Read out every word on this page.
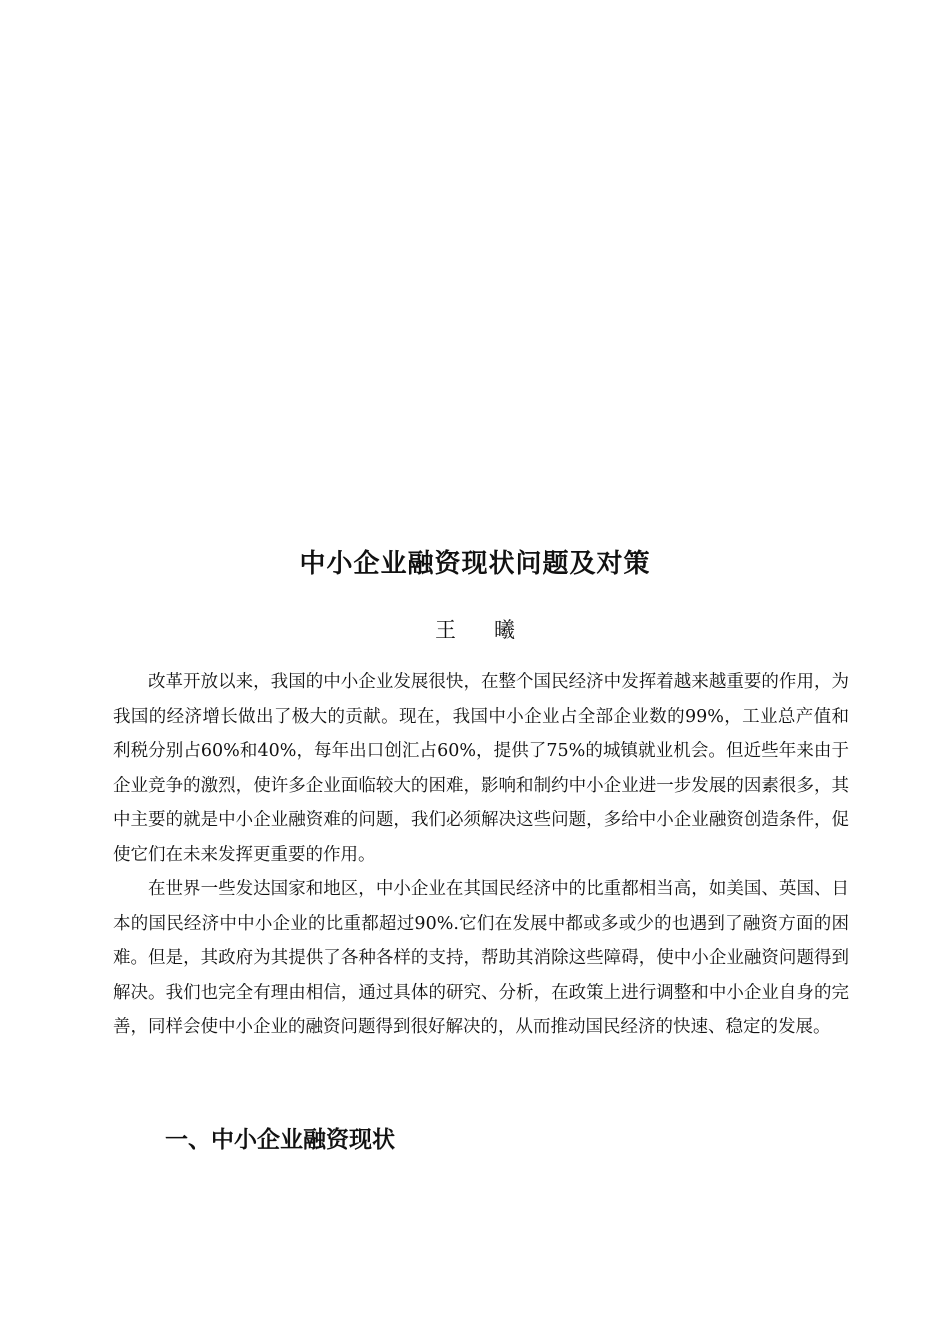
中小企业融资现状问题及对策
王 曦

改革开放以来，我国的中小企业发展很快，在整个国民经济中发挥着越来越重要的作用，为我国的经济增长做出了极大的贡献。现在，我国中小企业占全部企业数的99%，工业总产值和利税分别占60%和40%，每年出口创汇占60%，提供了75%的城镇就业机会。但近些年来由于企业竞争的激烈，使许多企业面临较大的困难，影响和制约中小企业进一步发展的因素很多，其中主要的就是中小企业融资难的问题，我们必须解决这些问题，多给中小企业融资创造条件，促使它们在未来发挥更重要的作用。

在世界一些发达国家和地区，中小企业在其国民经济中的比重都相当高，如美国、英国、日本的国民经济中中小企业的比重都超过90%.它们在发展中都或多或少的也遇到了融资方面的困难。但是，其政府为其提供了各种各样的支持，帮助其消除这些障碍，使中小企业融资问题得到解决。我们也完全有理由相信，通过具体的研究、分析，在政策上进行调整和中小企业自身的完善，同样会使中小企业的融资问题得到很好解决的，从而推动国民经济的快速、稳定的发展。

一、中小企业融资现状
